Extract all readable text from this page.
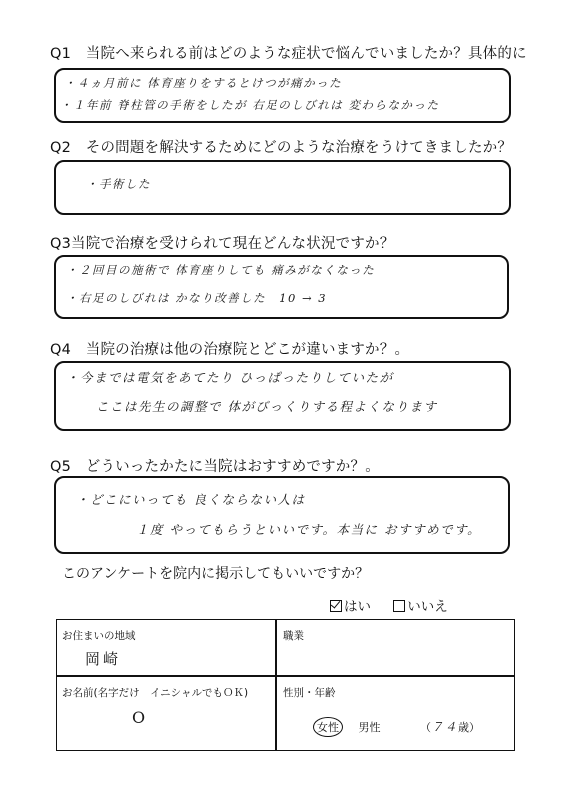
Q1　 当院へ来られる前はどのような症状で悩んでいましたか？具体的に
・４ヵ月前に 体育座りをするとけつが痛かった
・１年前 脊柱管の手術をしたが 右足のしびれは 変わらなかった
Q2　 その問題を解決するためにどのような治療をうけてきましたか？
・手術した
Q3当院で治療を受けられて現在どんな状況ですか？
・２回目の施術で 体育座りしても 痛みがなくなった
・右足のしびれは かなり改善した　10 → 3
Q4　 当院の治療は他の治療院とどこが違いますか？。
・今までは電気をあてたり ひっぱったりしていたが
ここは先生の調整で 体がびっくりする程よくなります
Q5　 どういったかたに当院はおすすめですか？。
・どこにいっても 良くならない人は
１度 やってもらうといいです。本当に おすすめです。
このアンケートを院内に掲示してもいいですか？
はい	いいえ
お住まいの地域
岡崎
職業
お名前(名字だけ　イニシャルでもＯＫ)
O
性別・年齢
女性 男性	（７４歳）
